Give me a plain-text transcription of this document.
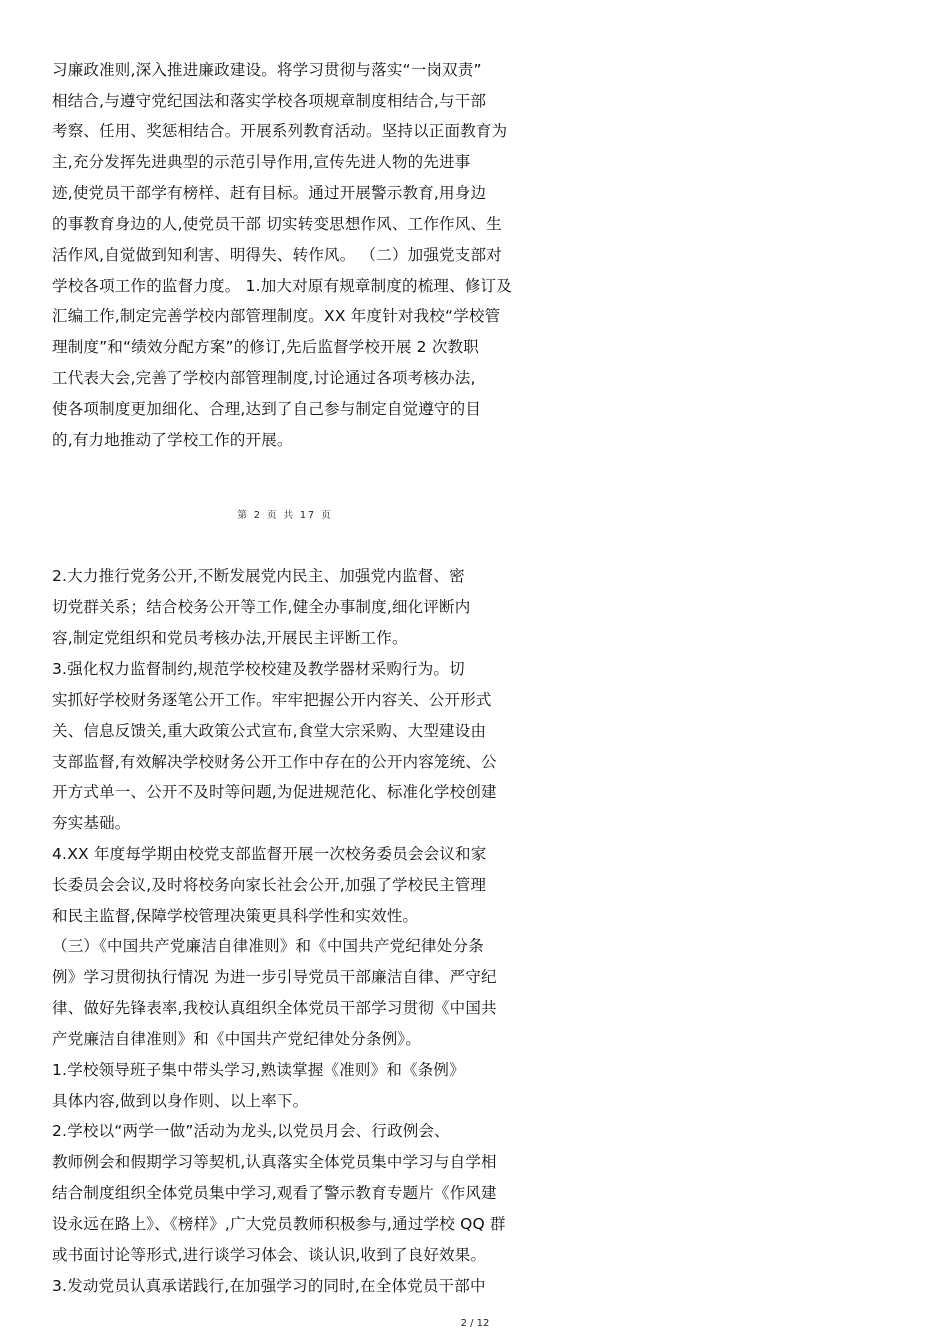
习廉政准则,深入推进廉政建设。将学习贯彻与落实“一岗双责”
相结合,与遵守党纪国法和落实学校各项规章制度相结合,与干部
考察、任用、奖惩相结合。开展系列教育活动。坚持以正面教育为
主,充分发挥先进典型的示范引导作用,宣传先进人物的先进事
迹,使党员干部学有榜样、赶有目标。通过开展警示教育,用身边
的事教育身边的人,使党员干部 切实转变思想作风、工作作风、生
活作风,自觉做到知利害、明得失、转作风。 （二）加强党支部对
学校各项工作的监督力度。 1.加大对原有规章制度的梳理、修订及
汇编工作,制定完善学校内部管理制度。XX 年度针对我校“学校管
理制度”和“绩效分配方案”的修订,先后监督学校开展 2 次教职
工代表大会,完善了学校内部管理制度,讨论通过各项考核办法,
使各项制度更加细化、合理,达到了自己参与制定自觉遵守的目
的,有力地推动了学校工作的开展。
第 2 页 共 17 页
2.大力推行党务公开,不断发展党内民主、加强党内监督、密
切党群关系；结合校务公开等工作,健全办事制度,细化评断内
容,制定党组织和党员考核办法,开展民主评断工作。
3.强化权力监督制约,规范学校校建及教学器材采购行为。切
实抓好学校财务逐笔公开工作。牢牢把握公开内容关、公开形式
关、信息反馈关,重大政策公式宣布,食堂大宗采购、大型建设由
支部监督,有效解决学校财务公开工作中存在的公开内容笼统、公
开方式单一、公开不及时等问题,为促进规范化、标准化学校创建
夯实基础。
4.XX 年度每学期由校党支部监督开展一次校务委员会会议和家
长委员会会议,及时将校务向家长社会公开,加强了学校民主管理
和民主监督,保障学校管理决策更具科学性和实效性。
（三）《中国共产党廉洁自律准则》和《中国共产党纪律处分条
例》学习贯彻执行情况 为进一步引导党员干部廉洁自律、严守纪
律、做好先锋表率,我校认真组织全体党员干部学习贯彻《中国共
产党廉洁自律准则》和《中国共产党纪律处分条例》。
1.学校领导班子集中带头学习,熟读掌握《准则》和《条例》
具体内容,做到以身作则、以上率下。
2.学校以“两学一做”活动为龙头,以党员月会、行政例会、
教师例会和假期学习等契机,认真落实全体党员集中学习与自学相
结合制度组织全体党员集中学习,观看了警示教育专题片《作风建
设永远在路上》、《榜样》,广大党员教师积极参与,通过学校 QQ 群
或书面讨论等形式,进行谈学习体会、谈认识,收到了良好效果。
3.发动党员认真承诺践行,在加强学习的同时,在全体党员干部中
2 / 12
